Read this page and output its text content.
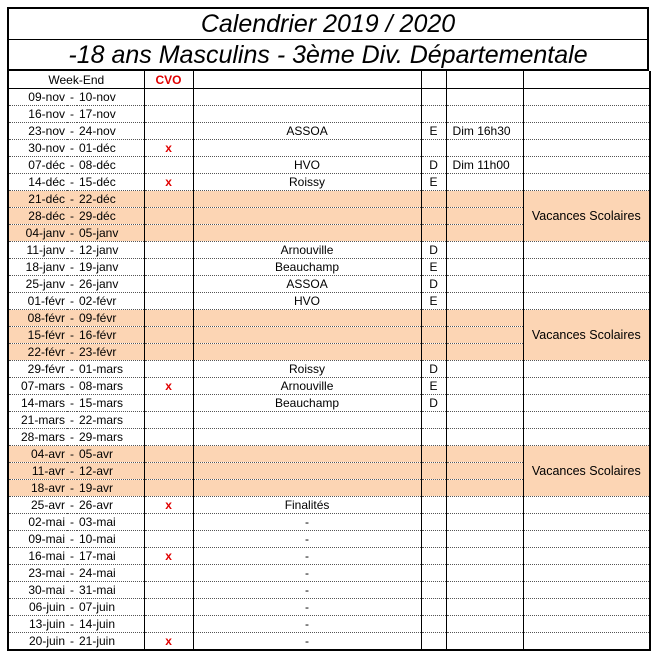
Calendrier 2019 / 2020
-18 ans Masculins - 3ème Div. Départementale
Week-End			CVO				
09-nov	-	10-nov					
16-nov	-	17-nov					
23-nov	-	24-nov		ASSOA	E	Dim 16h30	
30-nov	-	01-déc	x				
07-déc	-	08-déc		HVO	D	Dim 11h00	
14-déc	-	15-déc	x	Roissy	E		
21-déc	-	22-déc					Vacances Scolaires
28-déc	-	29-déc					
04-janv	-	05-janv					
11-janv	-	12-janv		Arnouville	D		
18-janv	-	19-janv		Beauchamp	E		
25-janv	-	26-janv		ASSOA	D		
01-févr	-	02-févr		HVO	E		
08-févr	-	09-févr					Vacances Scolaires
15-févr	-	16-févr					
22-févr	-	23-févr					
29-févr	-	01-mars		Roissy	D		
07-mars	-	08-mars	x	Arnouville	E		
14-mars	-	15-mars		Beauchamp	D		
21-mars	-	22-mars					
28-mars	-	29-mars					
04-avr	-	05-avr					Vacances Scolaires
11-avr	-	12-avr					
18-avr	-	19-avr					
25-avr	-	26-avr	x	Finalités			
02-mai	-	03-mai		-			
09-mai	-	10-mai		-			
16-mai	-	17-mai	x	-			
23-mai	-	24-mai		-			
30-mai	-	31-mai		-			
06-juin	-	07-juin		-			
13-juin	-	14-juin		-			
20-juin	-	21-juin	x	-			
